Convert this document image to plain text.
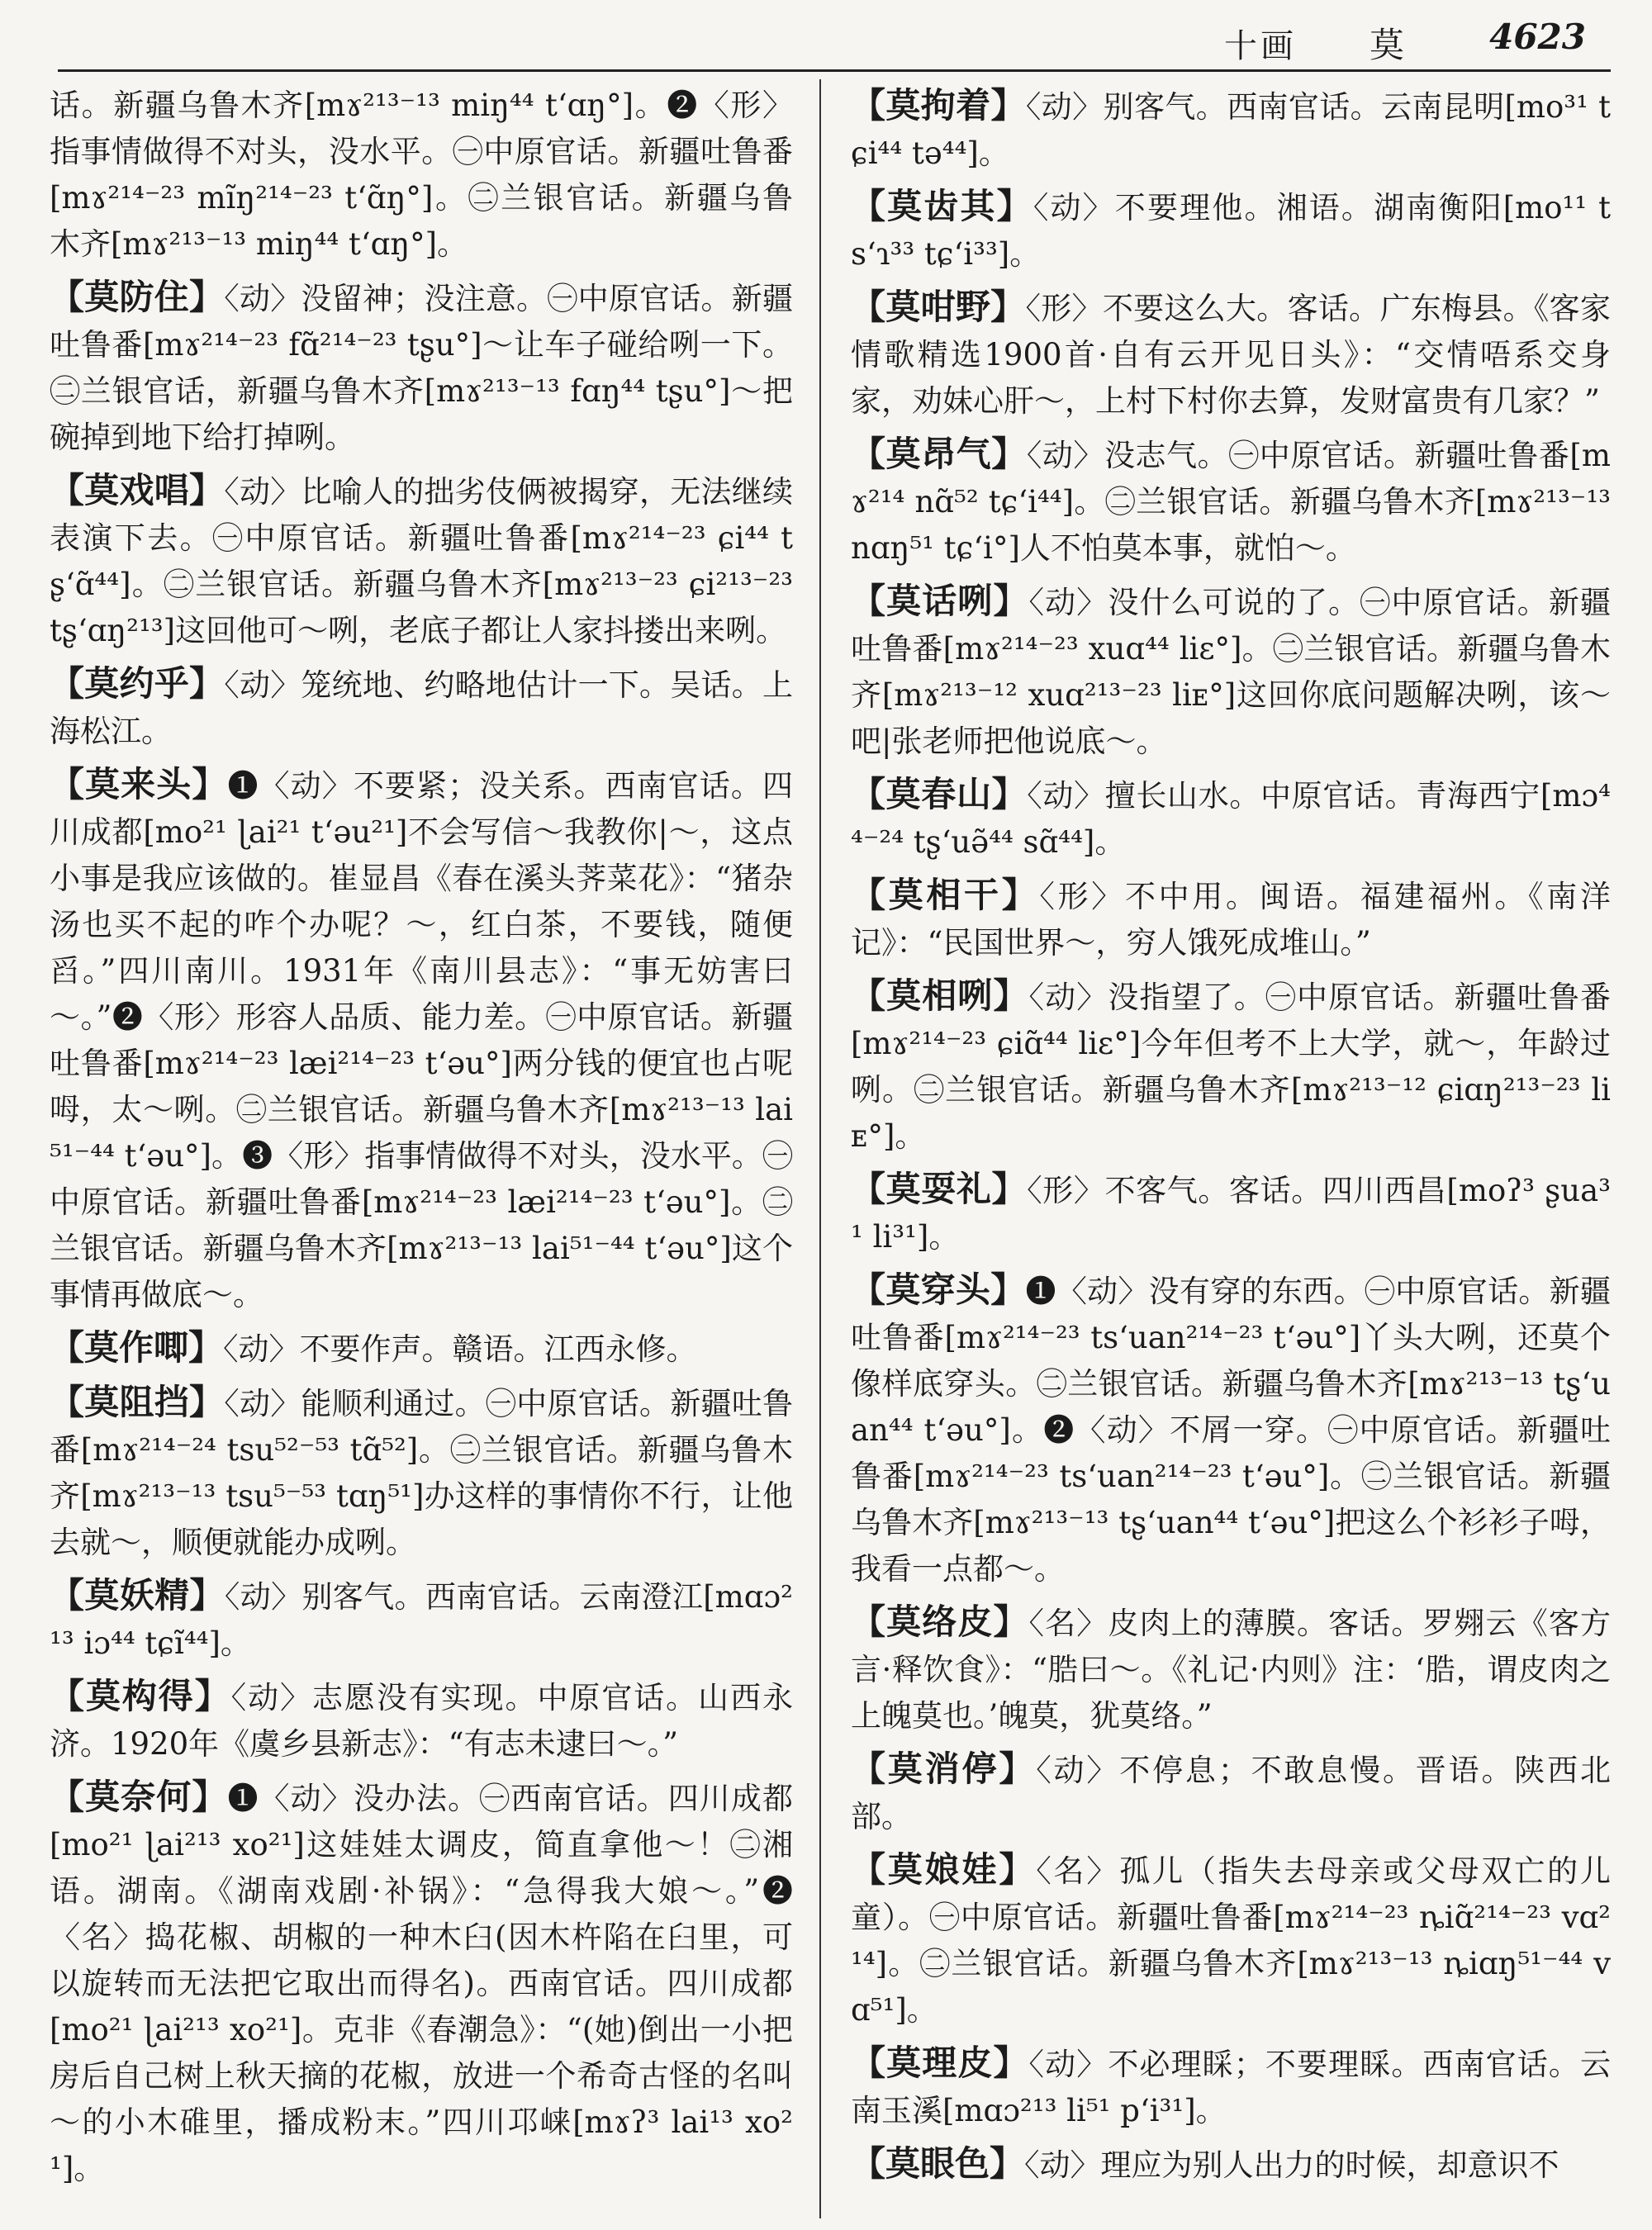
十画 莫 4623

话。新疆乌鲁木齐[mɤ²¹³⁻¹³ miŋ⁴⁴ t‘ɑŋ°]。❷〈形〉指事情做得不对头，没水平。㊀中原官话。新疆吐鲁番[mɤ²¹⁴⁻²³ mĩŋ²¹⁴⁻²³ t‘ɑ̃ŋ°]。㊁兰银官话。新疆乌鲁木齐[mɤ²¹³⁻¹³ miŋ⁴⁴ t‘ɑŋ°]。

【 莫防住 】 〈动〉没留神；没注意。㊀中原官话。新疆吐鲁番[mɤ²¹⁴⁻²³ fɑ̃²¹⁴⁻²³ tʂu°]～让车子碰给咧一下。㊁兰银官话，新疆乌鲁木齐[mɤ²¹³⁻¹³ fɑŋ⁴⁴ tʂu°]～把碗掉到地下给打掉咧。

【 莫戏唱 】 〈动〉比喻人的拙劣伎俩被揭穿，无法继续表演下去。㊀中原官话。新疆吐鲁番[mɤ²¹⁴⁻²³ ɕi⁴⁴ tʂ‘ɑ̃⁴⁴]。㊁兰银官话。新疆乌鲁木齐[mɤ²¹³⁻²³ ɕi²¹³⁻²³ tʂ‘ɑŋ²¹³]这回他可～咧，老底子都让人家抖搂出来咧。

【 莫约乎 】 〈动〉笼统地、约略地估计一下。吴话。上海松江。

【 莫来头 】 ❶〈动〉不要紧；没关系。西南官话。四川成都[mo²¹ ɭai²¹ t‘əu²¹]不会写信～我教你|～，这点小事是我应该做的。崔显昌《春在溪头荠菜花》：“猪杂汤也买不起的咋个办呢？～，红白茶，不要钱，随便舀。”四川南川。1931年《南川县志》：“事无妨害曰～。”❷〈形〉形容人品质、能力差。㊀中原官话。新疆吐鲁番[mɤ²¹⁴⁻²³ læi²¹⁴⁻²³ t‘əu°]两分钱的便宜也占呢呣，太～咧。㊁兰银官话。新疆乌鲁木齐[mɤ²¹³⁻¹³ lai⁵¹⁻⁴⁴ t‘əu°]。❸〈形〉指事情做得不对头，没水平。㊀中原官话。新疆吐鲁番[mɤ²¹⁴⁻²³ læi²¹⁴⁻²³ t‘əu°]。㊁兰银官话。新疆乌鲁木齐[mɤ²¹³⁻¹³ lai⁵¹⁻⁴⁴ t‘əu°]这个事情再做底～。

【 莫作唧 】 〈动〉不要作声。赣语。江西永修。

【 莫阻挡 】 〈动〉能顺利通过。㊀中原官话。新疆吐鲁番[mɤ²¹⁴⁻²⁴ tsu⁵²⁻⁵³ tɑ̃⁵²]。㊁兰银官话。新疆乌鲁木齐[mɤ²¹³⁻¹³ tsu⁵⁻⁵³ tɑŋ⁵¹]办这样的事情你不行，让他去就～，顺便就能办成咧。

【 莫妖精 】 〈动〉别客气。西南官话。云南澄江[mɑɔ²¹³ iɔ⁴⁴ tɕĩ⁴⁴]。

【 莫构得 】 〈动〉志愿没有实现。中原官话。山西永济。1920年《虞乡县新志》：“有志未逮曰～。”

【 莫奈何 】 ❶〈动〉没办法。㊀西南官话。四川成都[mo²¹ ɭai²¹³ xo²¹]这娃娃太调皮，简直拿他～！㊁湘语。湖南。《湖南戏剧·补锅》：“急得我大娘～。”❷〈名〉捣花椒、胡椒的一种木臼(因木杵陷在臼里，可以旋转而无法把它取出而得名)。西南官话。四川成都[mo²¹ ɭai²¹³ xo²¹]。克非《春潮急》：“(她)倒出一小把房后自己树上秋天摘的花椒，放进一个希奇古怪的名叫～的小木碓里，播成粉末。”四川邛崃[mɤʔ³ lai¹³ xo²¹]。

【 莫拘着 】 〈动〉别客气。西南官话。云南昆明[mo³¹ tɕi⁴⁴ tə⁴⁴]。

【 莫齿其 】 〈动〉不要理他。湘语。湖南衡阳[mo¹¹ ts‘ɿ³³ tɕ‘i³³]。

【 莫咁野 】 〈形〉不要这么大。客话。广东梅县。《客家情歌精选1900首·自有云开见日头》：“交情唔系交身家，劝妹心肝～，上村下村你去算，发财富贵有几家？”

【 莫昂气 】 〈动〉没志气。㊀中原官话。新疆吐鲁番[mɤ²¹⁴ nɑ̃⁵² tɕ‘i⁴⁴]。㊁兰银官话。新疆乌鲁木齐[mɤ²¹³⁻¹³ nɑŋ⁵¹ tɕ‘i°]人不怕莫本事，就怕～。

【 莫话咧 】 〈动〉没什么可说的了。㊀中原官话。新疆吐鲁番[mɤ²¹⁴⁻²³ xuɑ⁴⁴ liɛ°]。㊁兰银官话。新疆乌鲁木齐[mɤ²¹³⁻¹² xuɑ²¹³⁻²³ liᴇ°]这回你底问题解决咧，该～吧|张老师把他说底～。

【 莫春山 】 〈动〉擅长山水。中原官话。青海西宁[mɔ⁴⁴⁻²⁴ tʂ‘uə̃⁴⁴ sɑ̃⁴⁴]。

【 莫相干 】 〈形〉不中用。闽语。福建福州。《南洋记》：“民国世界～，穷人饿死成堆山。”

【 莫相咧 】 〈动〉没指望了。㊀中原官话。新疆吐鲁番[mɤ²¹⁴⁻²³ ɕiɑ̃⁴⁴ liɛ°]今年但考不上大学，就～，年龄过咧。㊁兰银官话。新疆乌鲁木齐[mɤ²¹³⁻¹² ɕiɑŋ²¹³⁻²³ liᴇ°]。

【 莫耍礼 】 〈形〉不客气。客话。四川西昌[moʔ³ ʂua³¹ li³¹]。

【 莫穿头 】 ❶〈动〉没有穿的东西。㊀中原官话。新疆吐鲁番[mɤ²¹⁴⁻²³ ts‘uan²¹⁴⁻²³ t‘əu°]丫头大咧，还莫个像样底穿头。㊁兰银官话。新疆乌鲁木齐[mɤ²¹³⁻¹³ tʂ‘uan⁴⁴ t‘əu°]。❷〈动〉不屑一穿。㊀中原官话。新疆吐鲁番[mɤ²¹⁴⁻²³ ts‘uan²¹⁴⁻²³ t‘əu°]。㊁兰银官话。新疆乌鲁木齐[mɤ²¹³⁻¹³ tʂ‘uan⁴⁴ t‘əu°]把这么个衫衫子呣，我看一点都～。

【 莫络皮 】 〈名〉皮肉上的薄膜。客话。罗翙云《客方言·释饮食》：“㬶曰～。《礼记·内则》注：‘㬶，谓皮肉之上魄莫也。’魄莫，犹莫络。”

【 莫消停 】 〈动〉不停息；不敢息慢。晋语。陕西北部。

【 莫娘娃 】 〈名〉孤儿（指失去母亲或父母双亡的儿童）。㊀中原官话。新疆吐鲁番[mɤ²¹⁴⁻²³ ȵiɑ̃²¹⁴⁻²³ vɑ²¹⁴]。㊁兰银官话。新疆乌鲁木齐[mɤ²¹³⁻¹³ ȵiɑŋ⁵¹⁻⁴⁴ vɑ⁵¹]。

【 莫理皮 】 〈动〉不必理睬；不要理睬。西南官话。云南玉溪[mɑɔ²¹³ li⁵¹ p‘i³¹]。

【 莫眼色 】 〈动〉理应为别人出力的时候，却意识不
